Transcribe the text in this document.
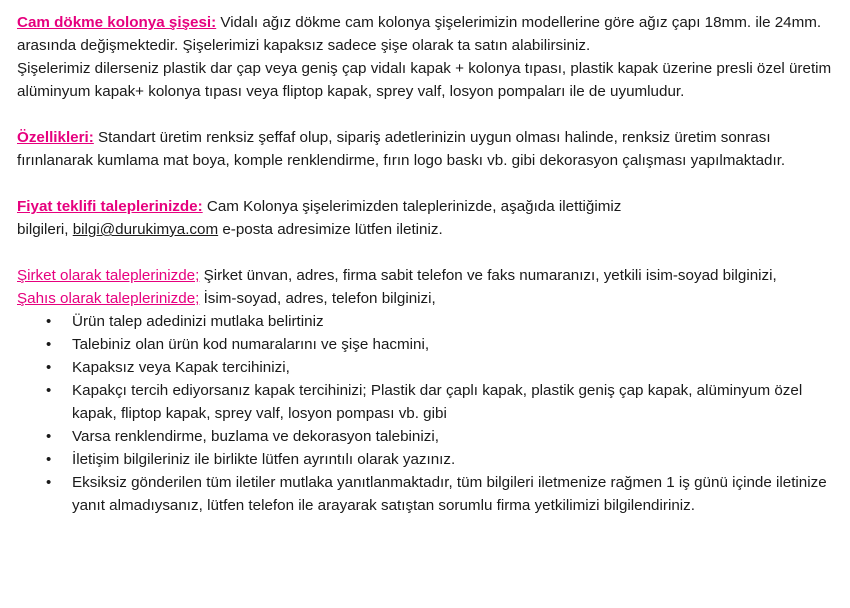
Cam dökme kolonya şişesi: Vidalı ağız dökme cam kolonya şişelerimizin modellerine göre ağız çapı 18mm. ile 24mm. arasında değişmektedir. Şişelerimizi kapaksız sadece şişe olarak ta satın alabilirsiniz.

Şişelerimiz dilerseniz plastik dar çap veya geniş çap vidalı kapak + kolonya tıpası, plastik kapak üzerine presli özel üretim alüminyum kapak+ kolonya tıpası veya fliptop kapak, sprey valf, losyon pompaları ile de uyumludur.

Özellikleri: Standart üretim renksiz şeffaf olup, sipariş adetlerinizin uygun olması halinde, renksiz üretim sonrası fırınlanarak kumlama mat boya, komple renklendirme, fırın logo baskı vb. gibi dekorasyon çalışması yapılmaktadır.

Fiyat teklifi taleplerinizde: Cam Kolonya şişelerimizden taleplerinizde, aşağıda ilettiğimiz

bilgileri, bilgi@durukimya.com e-posta adresimize lütfen iletiniz.

Şirket olarak taleplerinizde; Şirket ünvan, adres, firma sabit telefon ve faks numaranızı, yetkili isim-soyad bilginizi,

Şahıs olarak taleplerinizde; İsim-soyad, adres, telefon bilginizi,

• Ürün talep adedinizi mutlaka belirtiniz
• Talebiniz olan ürün kod numaralarını ve şişe hacmini,
• Kapaksız veya Kapak tercihinizi,
• Kapakçı tercih ediyorsanız kapak tercihinizi; Plastik dar çaplı kapak, plastik geniş çap kapak, alüminyum özel kapak, fliptop kapak, sprey valf, losyon pompası vb. gibi
• Varsa renklendirme, buzlama ve dekorasyon talebinizi,
• İletişim bilgileriniz ile birlikte lütfen ayrıntılı olarak yazınız.
• Eksiksiz gönderilen tüm iletiler mutlaka yanıtlanmaktadır, tüm bilgileri iletmenize rağmen 1 iş günü içinde iletinize yanıt almadıysanız, lütfen telefon ile arayarak satıştan sorumlu firma yetkilimizi bilgilendiriniz.
